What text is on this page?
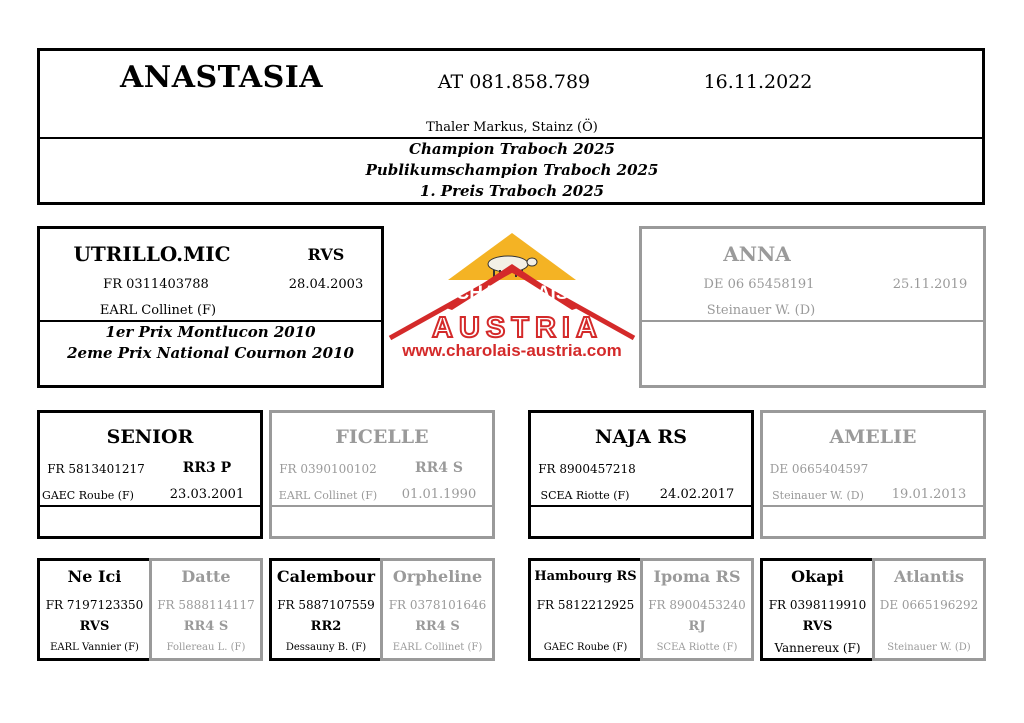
ANASTASIA	AT 081.858.789	16.11.2022
Thaler Markus, Stainz (Ö)
Champion Traboch 2025
Publikumschampion Traboch 2025
1. Preis Traboch 2025
UTRILLO.MIC	RVS
FR 0311403788	28.04.2003
EARL Collinet (F)
1er Prix Montlucon 2010
2eme Prix National Cournon 2010
CHAROLAIS
AUSTRIA
www.charolais-austria.com
ANNA
DE 06 65458191	25.11.2019
Steinauer W. (D)
SENIOR
FR 5813401217	RR3 P
GAEC Roube (F)	23.03.2001
FICELLE
FR 0390100102	RR4 S
EARL Collinet (F)	01.01.1990
NAJA RS
FR 8900457218
SCEA Riotte (F)	24.02.2017
AMELIE
DE 0665404597
Steinauer W. (D)	19.01.2013
Ne Ici
FR 7197123350
RVS
EARL Vannier (F)
Datte
FR 5888114117
RR4 S
Follereau L. (F)
Calembour
FR 5887107559
RR2
Dessauny B. (F)
Orpheline
FR 0378101646
RR4 S
EARL Collinet (F)
Hambourg RS
FR 5812212925
GAEC Roube (F)
Ipoma RS
FR 8900453240
RJ
SCEA Riotte (F)
Okapi
FR 0398119910
RVS
Vannereux (F)
Atlantis
DE 0665196292
Steinauer W. (D)
